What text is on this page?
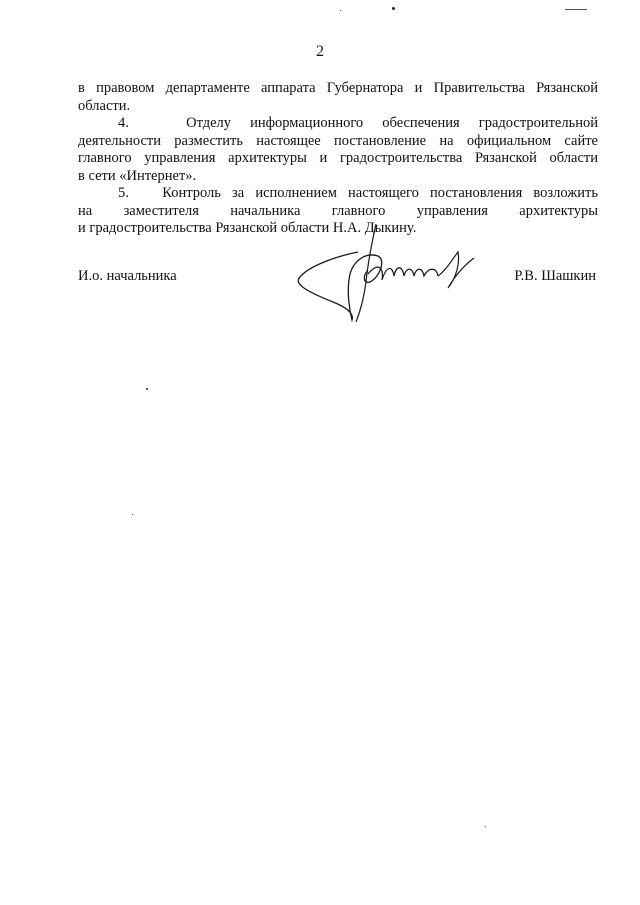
2
в правовом департаменте аппарата Губернатора и Правительства Рязанской
области.
4.   Отделу информационного обеспечения градостроительной
деятельности разместить настоящее постановление на официальном сайте
главного управления архитектуры и градостроительства Рязанской области
в сети «Интернет».
5.   Контроль за исполнением настоящего постановления возложить
на заместителя начальника главного управления архитектуры
и градостроительства Рязанской области Н.А. Дыкину.
И.о. начальника	Р.В. Шашкин
